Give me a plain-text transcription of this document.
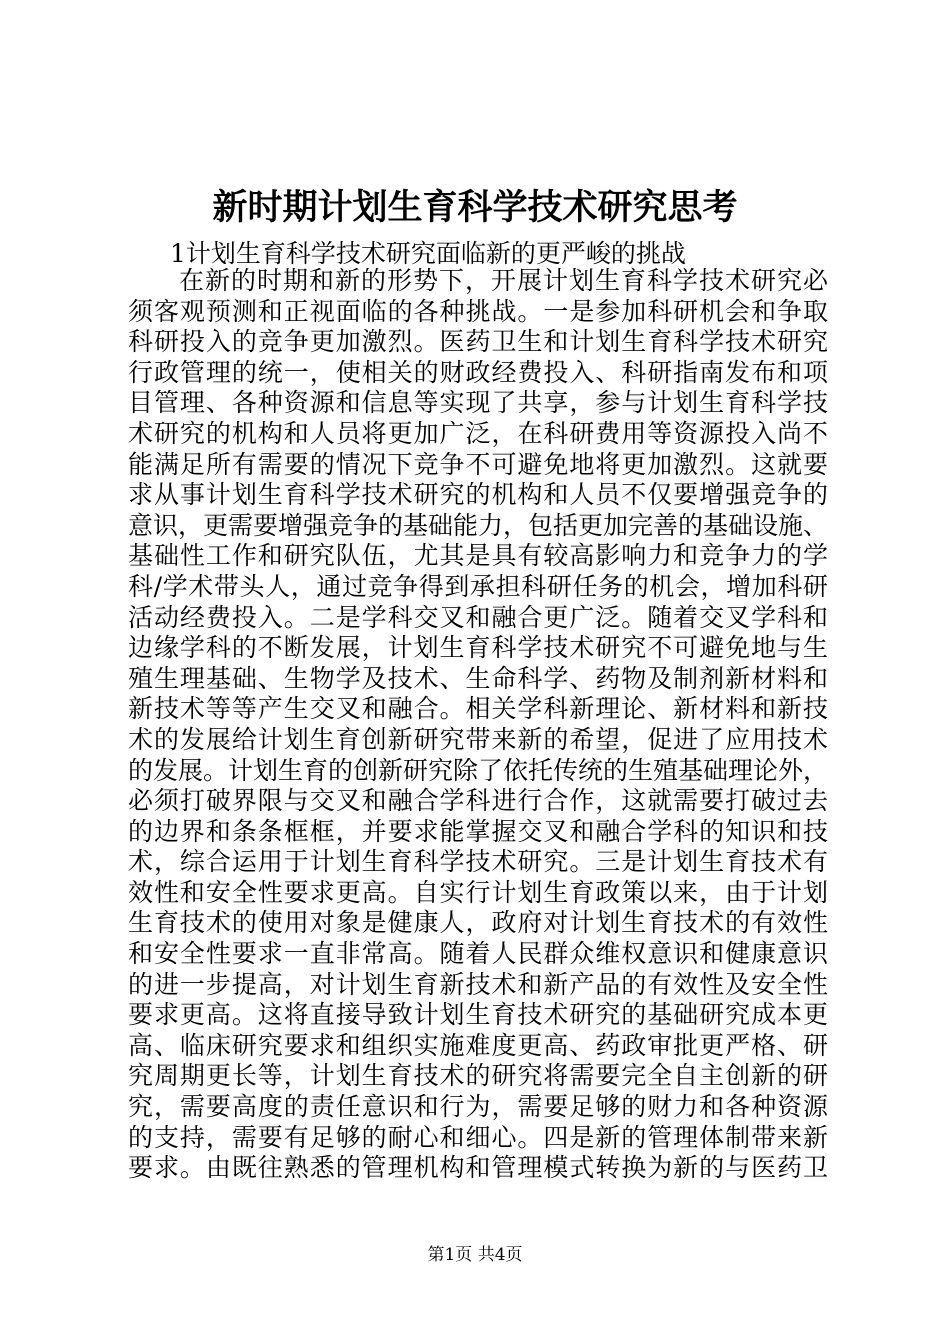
新时期计划生育科学技术研究思考

1计划生育科学技术研究面临新的更严峻的挑战

在新的时期和新的形势下，开展计划生育科学技术研究必
须客观预测和正视面临的各种挑战。一是参加科研机会和争取
科研投入的竞争更加激烈。医药卫生和计划生育科学技术研究
行政管理的统一，使相关的财政经费投入、科研指南发布和项
目管理、各种资源和信息等实现了共享，参与计划生育科学技
术研究的机构和人员将更加广泛，在科研费用等资源投入尚不
能满足所有需要的情况下竞争不可避免地将更加激烈。这就要
求从事计划生育科学技术研究的机构和人员不仅要增强竞争的
意识，更需要增强竞争的基础能力，包括更加完善的基础设施、
基础性工作和研究队伍，尤其是具有较高影响力和竞争力的学
科/学术带头人，通过竞争得到承担科研任务的机会，增加科研
活动经费投入。二是学科交叉和融合更广泛。随着交叉学科和
边缘学科的不断发展，计划生育科学技术研究不可避免地与生
殖生理基础、生物学及技术、生命科学、药物及制剂新材料和
新技术等等产生交叉和融合。相关学科新理论、新材料和新技
术的发展给计划生育创新研究带来新的希望，促进了应用技术
的发展。计划生育的创新研究除了依托传统的生殖基础理论外，
必须打破界限与交叉和融合学科进行合作，这就需要打破过去
的边界和条条框框，并要求能掌握交叉和融合学科的知识和技
术，综合运用于计划生育科学技术研究。三是计划生育技术有
效性和安全性要求更高。自实行计划生育政策以来，由于计划
生育技术的使用对象是健康人，政府对计划生育技术的有效性
和安全性要求一直非常高。随着人民群众维权意识和健康意识
的进一步提高，对计划生育新技术和新产品的有效性及安全性
要求更高。这将直接导致计划生育技术研究的基础研究成本更
高、临床研究要求和组织实施难度更高、药政审批更严格、研
究周期更长等，计划生育技术的研究将需要完全自主创新的研
究，需要高度的责任意识和行为，需要足够的财力和各种资源
的支持，需要有足够的耐心和细心。四是新的管理体制带来新
要求。由既往熟悉的管理机构和管理模式转换为新的与医药卫

第1页 共4页
